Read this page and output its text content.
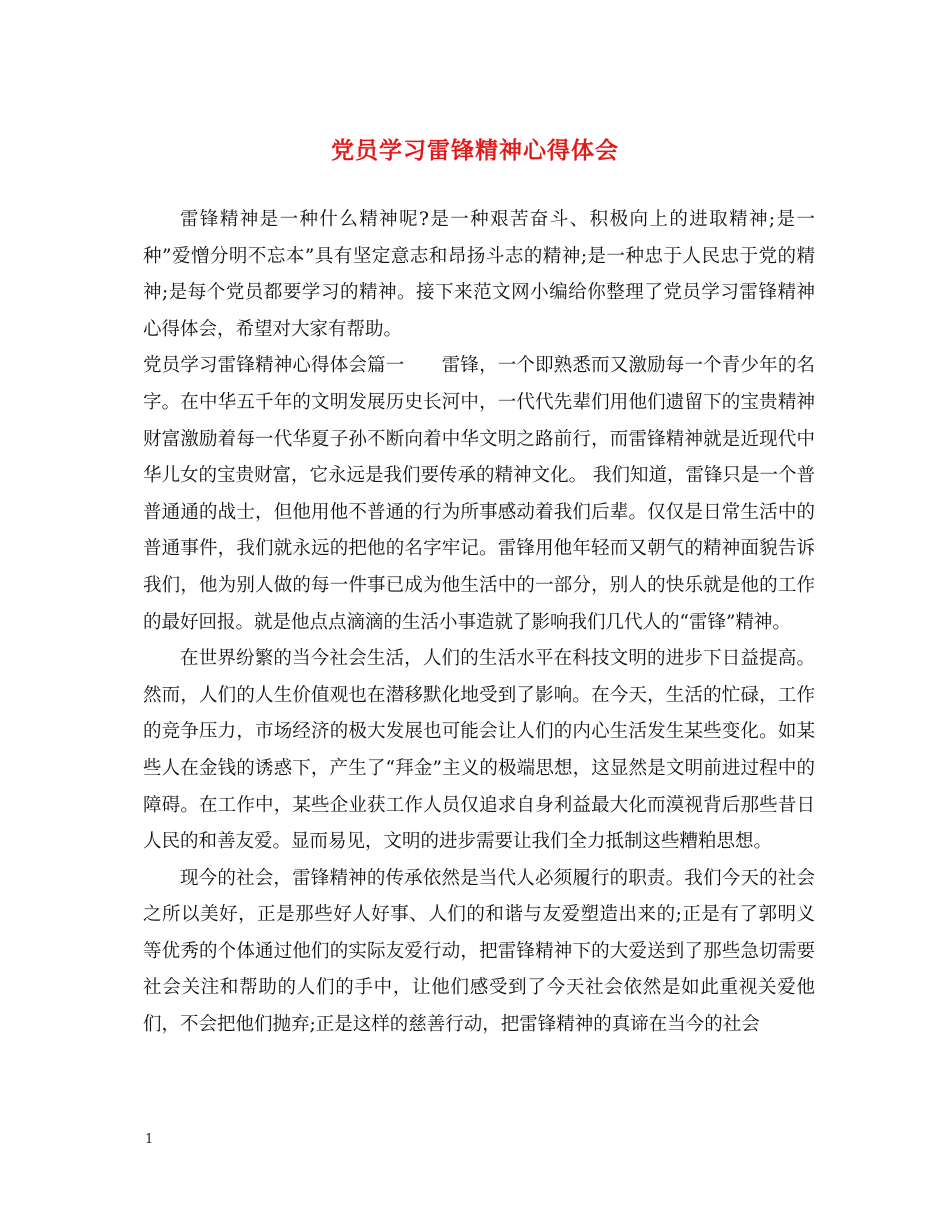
党员学习雷锋精神心得体会

雷锋精神是一种什么精神呢?是一种艰苦奋斗、积极向上的进取精神;是一种”爱憎分明不忘本”具有坚定意志和昂扬斗志的精神;是一种忠于人民忠于党的精神;是每个党员都要学习的精神。接下来范文网小编给你整理了党员学习雷锋精神心得体会，希望对大家有帮助。

党员学习雷锋精神心得体会篇一　　雷锋，一个即熟悉而又激励每一个青少年的名字。在中华五千年的文明发展历史长河中，一代代先辈们用他们遗留下的宝贵精神财富激励着每一代华夏子孙不断向着中华文明之路前行，而雷锋精神就是近现代中华儿女的宝贵财富，它永远是我们要传承的精神文化。 我们知道，雷锋只是一个普普通通的战士，但他用他不普通的行为所事感动着我们后辈。仅仅是日常生活中的普通事件，我们就永远的把他的名字牢记。雷锋用他年轻而又朝气的精神面貌告诉我们，他为别人做的每一件事已成为他生活中的一部分，别人的快乐就是他的工作的最好回报。就是他点点滴滴的生活小事造就了影响我们几代人的“雷锋”精神。

在世界纷繁的当今社会生活，人们的生活水平在科技文明的进步下日益提高。然而，人们的人生价值观也在潜移默化地受到了影响。在今天，生活的忙碌，工作的竞争压力，市场经济的极大发展也可能会让人们的内心生活发生某些变化。如某些人在金钱的诱惑下，产生了“拜金”主义的极端思想，这显然是文明前进过程中的障碍。在工作中，某些企业获工作人员仅追求自身利益最大化而漠视背后那些昔日人民的和善友爱。显而易见，文明的进步需要让我们全力抵制这些糟粕思想。

现今的社会，雷锋精神的传承依然是当代人必须履行的职责。我们今天的社会之所以美好，正是那些好人好事、人们的和谐与友爱塑造出来的;正是有了郭明义等优秀的个体通过他们的实际友爱行动，把雷锋精神下的大爱送到了那些急切需要社会关注和帮助的人们的手中，让他们感受到了今天社会依然是如此重视关爱他们，不会把他们抛弃;正是这样的慈善行动，把雷锋精神的真谛在当今的社会

1
